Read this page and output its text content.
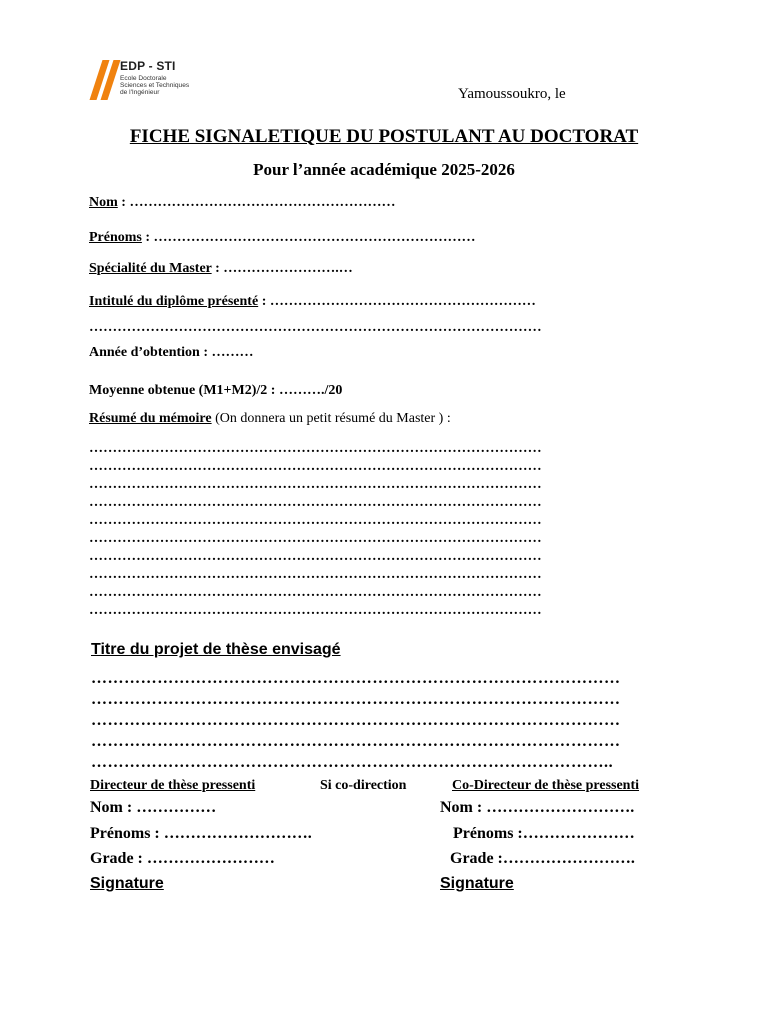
EDP - STI
Ecole Doctorale
Sciences et Techniques
de l'Ingénieur	Yamoussoukro, le
FICHE SIGNALETIQUE DU POSTULANT AU DOCTORAT
Pour l’année académique 2025-2026
Nom : …………………………………………………
Prénoms : ……………………………………………………………
Spécialité du Master : …………………….…
Intitulé du diplôme présenté : …………………………………………………
……………………………………………………………………………………
Année d’obtention : ………
Moyenne obtenue (M1+M2)/2 : ………./20
Résumé du mémoire (On donnera un petit résumé du Master ) :
……………………………………………………………………………………
……………………………………………………………………………………
……………………………………………………………………………………
……………………………………………………………………………………
……………………………………………………………………………………
……………………………………………………………………………………
……………………………………………………………………………………
……………………………………………………………………………………
……………………………………………………………………………………
……………………………………………………………………………………
Titre du projet de thèse envisagé
……………………………………………………………………………………
……………………………………………………………………………………
……………………………………………………………………………………
……………………………………………………………………………………
…………………………………………………………………………………..
Directeur de thèse pressenti	Si co-direction	Co-Directeur de thèse pressenti
Nom : ……………	Nom : ……………………….
Prénoms : ……………………….	Prénoms :…………………
Grade : ……………………	Grade :…………………….
Signature	Signature
